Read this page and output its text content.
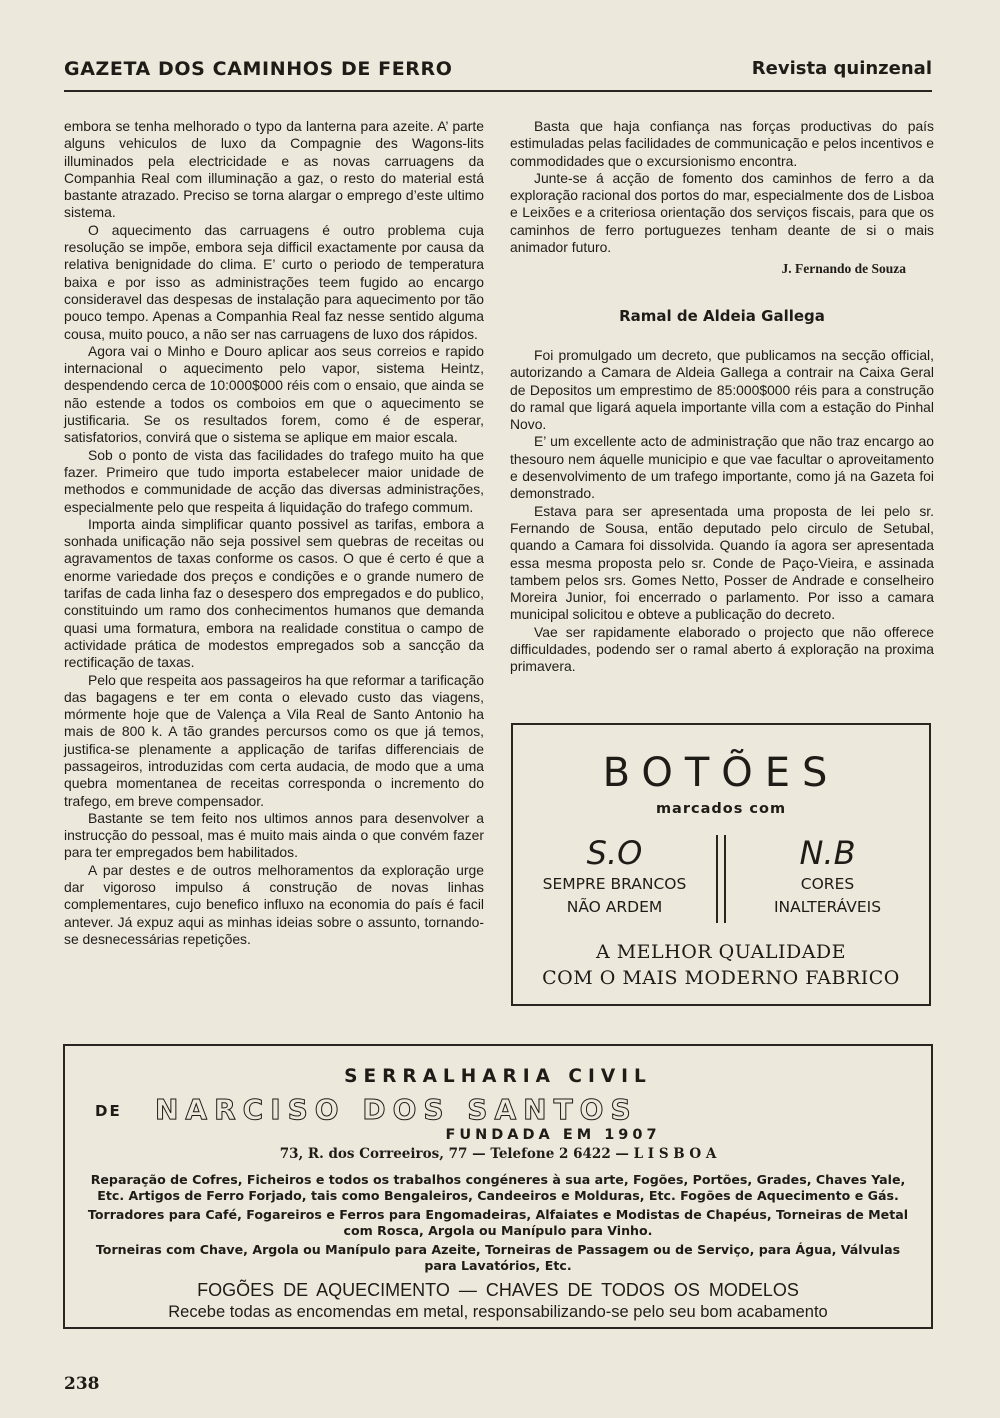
GAZETA DOS CAMINHOS DE FERRO	Revista quinzenal

embora se tenha melhorado o typo da lanterna para azeite. A’ parte alguns vehiculos de luxo da Compagnie des Wagons-lits illuminados pela electricidade e as novas carruagens da Companhia Real com illuminação a gaz, o resto do material está bastante atrazado. Preciso se torna alargar o emprego d’este ultimo sistema.

O aquecimento das carruagens é outro problema cuja resolução se impõe, embora seja difficil exactamente por causa da relativa benignidade do clima. E’ curto o periodo de temperatura baixa e por isso as administrações teem fugido ao encargo consideravel das despesas de instalação para aquecimento por tão pouco tempo. Apenas a Companhia Real faz nesse sentido alguma cousa, muito pouco, a não ser nas carruagens de luxo dos rápidos.

Agora vai o Minho e Douro aplicar aos seus correios e rapido internacional o aquecimento pelo vapor, sistema Heintz, despendendo cerca de 10:000$000 réis com o ensaio, que ainda se não estende a todos os comboios em que o aquecimento se justificaria. Se os resultados forem, como é de esperar, satisfatorios, convirá que o sistema se aplique em maior escala.

Sob o ponto de vista das facilidades do trafego muito ha que fazer. Primeiro que tudo importa estabelecer maior unidade de methodos e communidade de acção das diversas administrações, especialmente pelo que respeita á liquidação do trafego commum.

Importa ainda simplificar quanto possivel as tarifas, embora a sonhada unificação não seja possivel sem quebras de receitas ou agravamentos de taxas conforme os casos. O que é certo é que a enorme variedade dos preços e condições e o grande numero de tarifas de cada linha faz o desespero dos empregados e do publico, constituindo um ramo dos conhecimentos humanos que demanda quasi uma formatura, embora na realidade constitua o campo de actividade prática de modestos empregados sob a sancção da rectificação de taxas.

Pelo que respeita aos passageiros ha que reformar a tarificação das bagagens e ter em conta o elevado custo das viagens, mórmente hoje que de Valença a Vila Real de Santo Antonio ha mais de 800 k. A tão grandes percursos como os que já temos, justifica-se plenamente a applicação de tarifas differenciais de passageiros, introduzidas com certa audacia, de modo que a uma quebra momentanea de receitas corresponda o incremento do trafego, em breve compensador.

Bastante se tem feito nos ultimos annos para desenvolver a instrucção do pessoal, mas é muito mais ainda o que convém fazer para ter empregados bem habilitados.

A par destes e de outros melhoramentos da exploração urge dar vigoroso impulso á construção de novas linhas complementares, cujo benefico influxo na economia do país é facil antever. Já expuz aqui as minhas ideias sobre o assunto, tornando-se desnecessárias repetições.

Basta que haja confiança nas forças productivas do país estimuladas pelas facilidades de communicação e pelos incentivos e commodidades que o excursionismo encontra.

Junte-se á acção de fomento dos caminhos de ferro a da exploração racional dos portos do mar, especialmente dos de Lisboa e Leixões e a criteriosa orientação dos serviços fiscais, para que os caminhos de ferro portuguezes tenham deante de si o mais animador futuro.

J. Fernando de Souza
Ramal de Aldeia Gallega

Foi promulgado um decreto, que publicamos na secção official, autorizando a Camara de Aldeia Gallega a contrair na Caixa Geral de Depositos um emprestimo de 85:000$000 réis para a construção do ramal que ligará aquela importante villa com a estação do Pinhal Novo.

E’ um excellente acto de administração que não traz encargo ao thesouro nem áquelle municipio e que vae facultar o aproveitamento e desenvolvimento de um trafego importante, como já na Gazeta foi demonstrado.

Estava para ser apresentada uma proposta de lei pelo sr. Fernando de Sousa, então deputado pelo circulo de Setubal, quando a Camara foi dissolvida. Quando ía agora ser apresentada essa mesma proposta pelo sr. Conde de Paço-Vieira, e assinada tambem pelos srs. Gomes Netto, Posser de Andrade e conselheiro Moreira Junior, foi encerrado o parlamento. Por isso a camara municipal solicitou e obteve a publicação do decreto.

Vae ser rapidamente elaborado o projecto que não offerece difficuldades, podendo ser o ramal aberto á exploração na proxima primavera.

BOTÕES
marcados com
S.O
SEMPRE BRANCOS
NÃO ARDEM
N.B
CORES
INALTERÁVEIS
A MELHOR QUALIDADE
COM O MAIS MODERNO FABRICO
SERRALHARIA CIVIL
DE NARCISO DOS SANTOS
FUNDADA EM 1907
73, R. dos Correeiros, 77 — Telefone 2 6422 — L I S B O A
Reparação de Cofres, Ficheiros e todos os trabalhos congéneres à sua arte, Fogões, Portões, Grades, Chaves Yale, Etc. Artigos de Ferro Forjado, tais como Bengaleiros, Candeeiros e Molduras, Etc. Fogões de Aquecimento e Gás.
Torradores para Café, Fogareiros e Ferros para Engomadeiras, Alfaiates e Modistas de Chapéus, Torneiras de Metal com Rosca, Argola ou Manípulo para Vinho.
Torneiras com Chave, Argola ou Manípulo para Azeite, Torneiras de Passagem ou de Serviço, para Água, Válvulas para Lavatórios, Etc.
FOGÕES DE AQUECIMENTO — CHAVES DE TODOS OS MODELOS
Recebe todas as encomendas em metal, responsabilizando-se pelo seu bom acabamento
238
